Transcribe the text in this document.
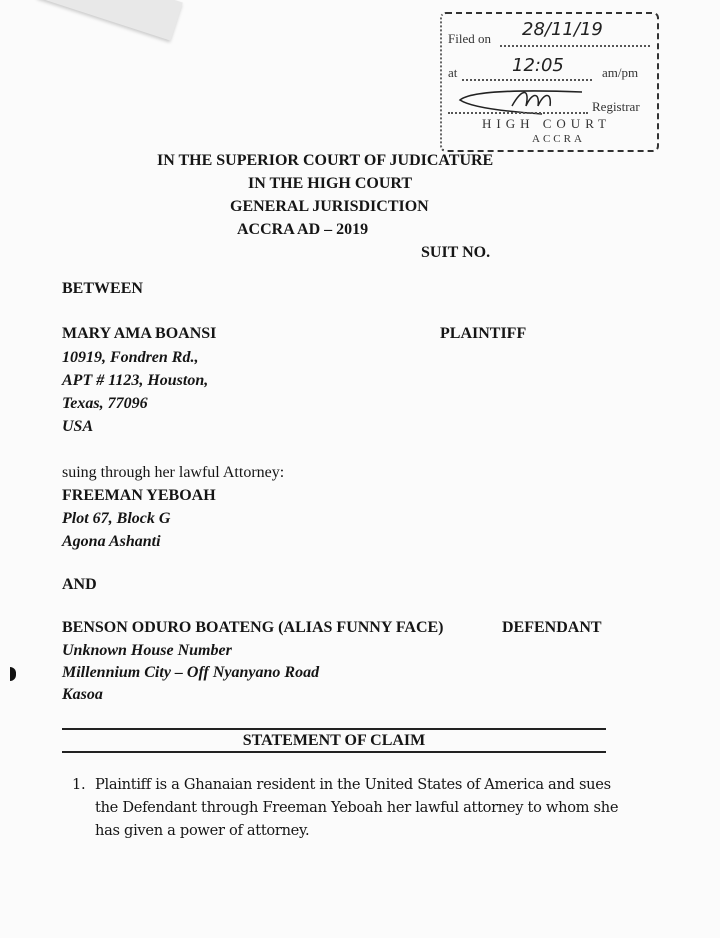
Filed on 28/11/19
at	12:05	am/pm
Registrar
HIGH COURT
ACCRA
IN THE SUPERIOR COURT OF JUDICATURE
IN THE HIGH COURT
GENERAL JURISDICTION
ACCRA AD – 2019
SUIT NO.
BETWEEN
MARY AMA BOANSI	PLAINTIFF
10919, Fondren Rd.,
APT # 1123, Houston,
Texas, 77096
USA
suing through her lawful Attorney:
FREEMAN YEBOAH
Plot 67, Block G
Agona Ashanti
AND
BENSON ODURO BOATENG (ALIAS FUNNY FACE)	DEFENDANT
Unknown House Number
Millennium City – Off Nyanyano Road
Kasoa
STATEMENT OF CLAIM
1. Plaintiff is a Ghanaian resident in the United States of America and sues
the Defendant through Freeman Yeboah her lawful attorney to whom she
has given a power of attorney.
